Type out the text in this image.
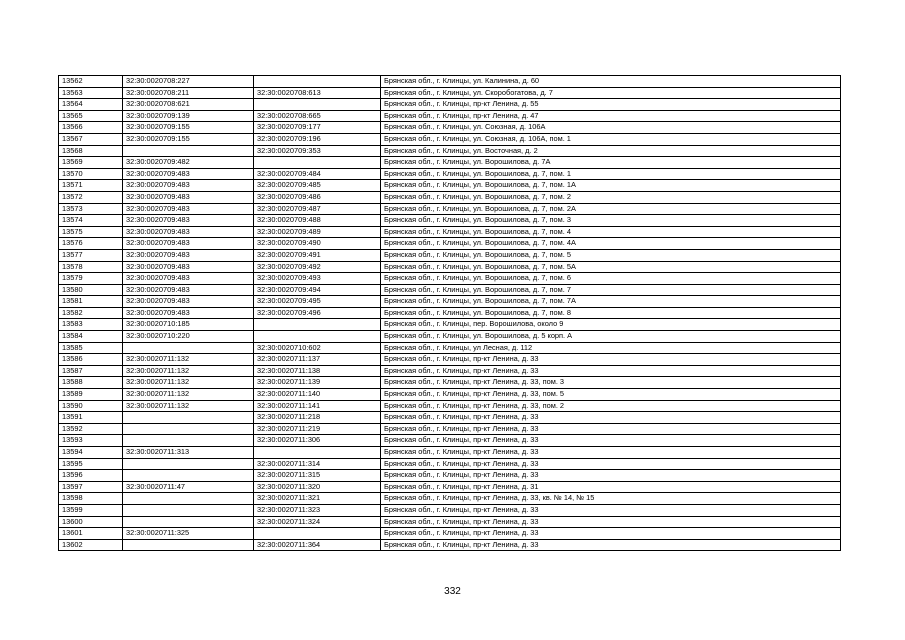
13562	32:30:0020708:227		Брянская обл., г. Клинцы, ул. Калинина, д. 60
13563	32:30:0020708:211	32:30:0020708:613	Брянская обл., г. Клинцы, ул. Скоробогатова, д. 7
13564	32:30:0020708:621		Брянская обл., г. Клинцы, пр-кт Ленина, д. 55
13565	32:30:0020709:139	32:30:0020708:665	Брянская обл., г. Клинцы, пр-кт Ленина, д. 47
13566	32:30:0020709:155	32:30:0020709:177	Брянская обл., г. Клинцы, ул. Союзная, д. 106А
13567	32:30:0020709:155	32:30:0020709:196	Брянская обл., г. Клинцы, ул. Союзная, д. 106А, пом. 1
13568		32:30:0020709:353	Брянская обл., г. Клинцы, ул. Восточная, д. 2
13569	32:30:0020709:482		Брянская обл., г. Клинцы, ул. Ворошилова, д. 7А
13570	32:30:0020709:483	32:30:0020709:484	Брянская обл., г. Клинцы, ул. Ворошилова, д. 7, пом. 1
13571	32:30:0020709:483	32:30:0020709:485	Брянская обл., г. Клинцы, ул. Ворошилова, д. 7, пом. 1А
13572	32:30:0020709:483	32:30:0020709:486	Брянская обл., г. Клинцы, ул. Ворошилова, д. 7, пом. 2
13573	32:30:0020709:483	32:30:0020709:487	Брянская обл., г. Клинцы, ул. Ворошилова, д. 7, пом. 2А
13574	32:30:0020709:483	32:30:0020709:488	Брянская обл., г. Клинцы, ул. Ворошилова, д. 7, пом. 3
13575	32:30:0020709:483	32:30:0020709:489	Брянская обл., г. Клинцы, ул. Ворошилова, д. 7, пом. 4
13576	32:30:0020709:483	32:30:0020709:490	Брянская обл., г. Клинцы, ул. Ворошилова, д. 7, пом. 4А
13577	32:30:0020709:483	32:30:0020709:491	Брянская обл., г. Клинцы, ул. Ворошилова, д. 7, пом. 5
13578	32:30:0020709:483	32:30:0020709:492	Брянская обл., г. Клинцы, ул. Ворошилова, д. 7, пом. 5А
13579	32:30:0020709:483	32:30:0020709:493	Брянская обл., г. Клинцы, ул. Ворошилова, д. 7, пом. 6
13580	32:30:0020709:483	32:30:0020709:494	Брянская обл., г. Клинцы, ул. Ворошилова, д. 7, пом. 7
13581	32:30:0020709:483	32:30:0020709:495	Брянская обл., г. Клинцы, ул. Ворошилова, д. 7, пом. 7А
13582	32:30:0020709:483	32:30:0020709:496	Брянская обл., г. Клинцы, ул. Ворошилова, д. 7, пом. 8
13583	32:30:0020710:185		Брянская обл., г. Клинцы, пер. Ворошилова, около 9
13584	32:30:0020710:220		Брянская обл., г. Клинцы, ул. Ворошилова, д. 5 корп. А
13585		32:30:0020710:602	Брянская обл., г. Клинцы, ул Лесная, д. 112
13586	32:30:0020711:132	32:30:0020711:137	Брянская обл., г. Клинцы, пр-кт Ленина, д. 33
13587	32:30:0020711:132	32:30:0020711:138	Брянская обл., г. Клинцы, пр-кт Ленина, д. 33
13588	32:30:0020711:132	32:30:0020711:139	Брянская обл., г. Клинцы, пр-кт Ленина, д. 33, пом. 3
13589	32:30:0020711:132	32:30:0020711:140	Брянская обл., г. Клинцы, пр-кт Ленина, д. 33, пом. 5
13590	32:30:0020711:132	32:30:0020711:141	Брянская обл., г. Клинцы, пр-кт Ленина, д. 33, пом. 2
13591		32:30:0020711:218	Брянская обл., г. Клинцы, пр-кт Ленина, д. 33
13592		32:30:0020711:219	Брянская обл., г. Клинцы, пр-кт Ленина, д. 33
13593		32:30:0020711:306	Брянская обл., г. Клинцы, пр-кт Ленина, д. 33
13594	32:30:0020711:313		Брянская обл., г. Клинцы, пр-кт Ленина, д. 33
13595		32:30:0020711:314	Брянская обл., г. Клинцы, пр-кт Ленина, д. 33
13596		32:30:0020711:315	Брянская обл., г. Клинцы, пр-кт Ленина, д. 33
13597	32:30:0020711:47	32:30:0020711:320	Брянская обл., г. Клинцы, пр-кт Ленина, д. 31
13598		32:30:0020711:321	Брянская обл., г. Клинцы, пр-кт Ленина, д. 33, кв. № 14, № 15
13599		32:30:0020711:323	Брянская обл., г. Клинцы, пр-кт Ленина, д. 33
13600		32:30:0020711:324	Брянская обл., г. Клинцы, пр-кт Ленина, д. 33
13601	32:30:0020711:325		Брянская обл., г. Клинцы, пр-кт Ленина, д. 33
13602		32:30:0020711:364	Брянская обл., г. Клинцы, пр-кт Ленина, д. 33
332
